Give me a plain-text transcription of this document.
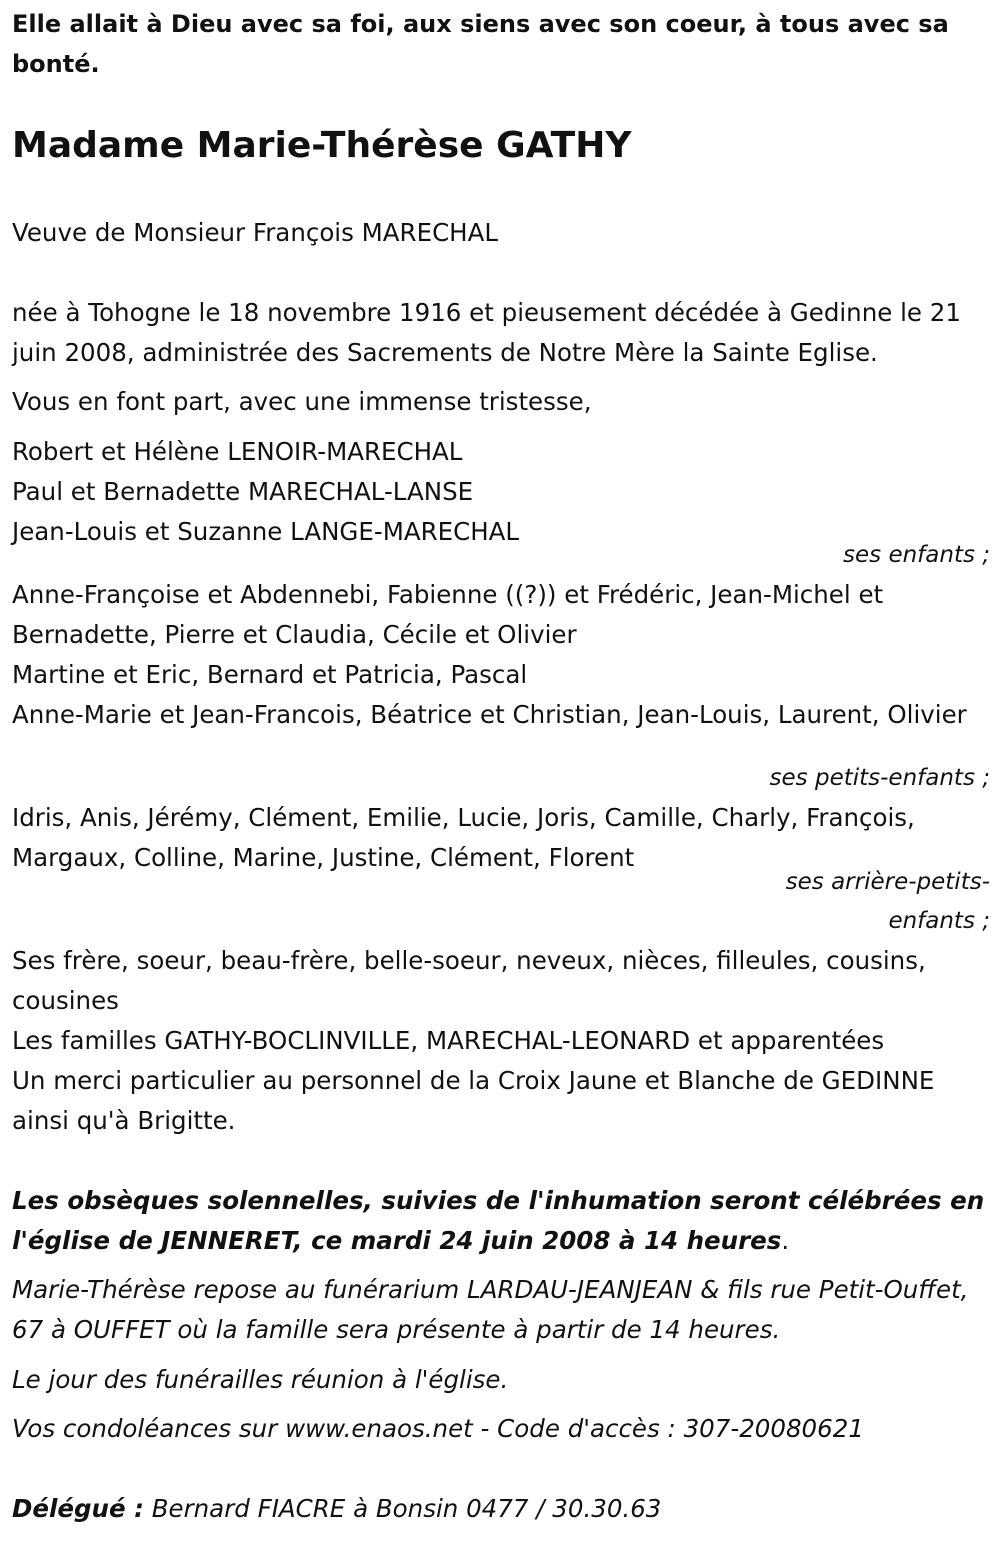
Elle allait à Dieu avec sa foi, aux siens avec son coeur, à tous avec sa bonté.

Madame Marie-Thérèse GATHY

Veuve de Monsieur François MARECHAL

née à Tohogne le 18 novembre 1916 et pieusement décédée à Gedinne le 21 juin 2008, administrée des Sacrements de Notre Mère la Sainte Eglise.

Vous en font part, avec une immense tristesse,

Robert et Hélène LENOIR-MARECHAL
Paul et Bernadette MARECHAL-LANSE
Jean-Louis et Suzanne LANGE-MARECHAL
ses enfants ;
Anne-Françoise et Abdennebi, Fabienne ((?)) et Frédéric, Jean-Michel et Bernadette, Pierre et Claudia, Cécile et Olivier
Martine et Eric, Bernard et Patricia, Pascal
Anne-Marie et Jean-Francois, Béatrice et Christian, Jean-Louis, Laurent, Olivier
ses petits-enfants ;

Idris, Anis, Jérémy, Clément, Emilie, Lucie, Joris, Camille, Charly, François, Margaux, Colline, Marine, Justine, Clément, Florent

ses arrière-petits-
enfants ;
Ses frère, soeur, beau-frère, belle-soeur, neveux, nièces, filleules, cousins, cousines
Les familles GATHY-BOCLINVILLE, MARECHAL-LEONARD et apparentées
Un merci particulier au personnel de la Croix Jaune et Blanche de GEDINNE ainsi qu'à Brigitte.

Les obsèques solennelles, suivies de l'inhumation seront célébrées en l'église de JENNERET, ce mardi 24 juin 2008 à 14 heures.

Marie-Thérèse repose au funérarium LARDAU-JEANJEAN & fils rue Petit-Ouffet, 67 à OUFFET où la famille sera présente à partir de 14 heures.

Le jour des funérailles réunion à l'église.

Vos condoléances sur www.enaos.net - Code d'accès : 307-20080621

Délégué : Bernard FIACRE à Bonsin 0477 / 30.30.63
